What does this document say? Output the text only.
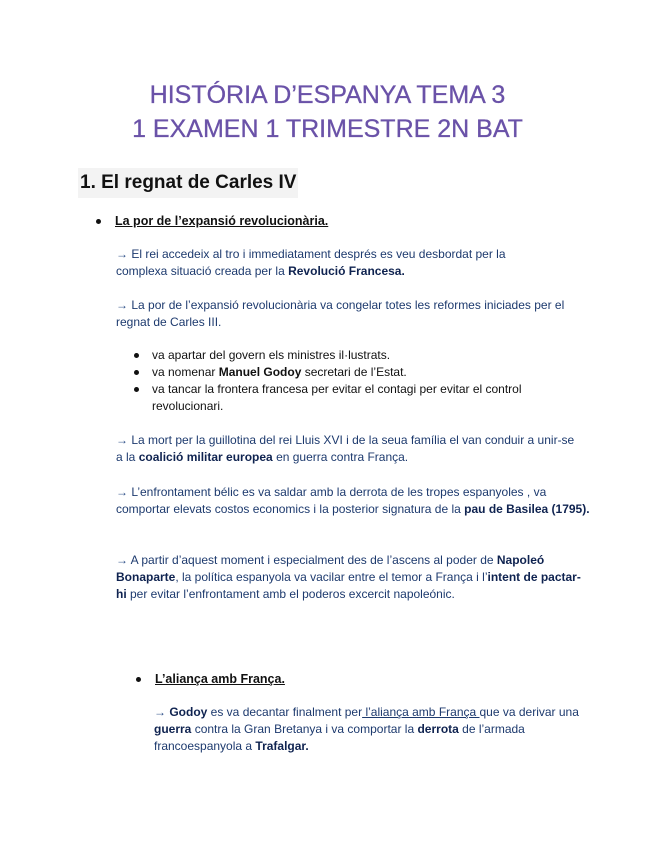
HISTÓRIA D’ESPANYA TEMA 3
1 EXAMEN 1 TRIMESTRE 2N BAT
1. El regnat de Carles IV
La por de l’expansió revolucionària.

→ El rei accedeix al tro i immediatament després es veu desbordat per la complexa situació creada per la Revolució Francesa.

→ La por de l’expansió revolucionària va congelar totes les reformes iniciades per el regnat de Carles III.

va apartar del govern els ministres il·lustrats.
va nomenar Manuel Godoy secretari de l’Estat.
va tancar la frontera francesa per evitar el contagi per evitar el control revolucionari.

→ La mort per la guillotina del rei Lluis XVI i de la seua família el van conduir a unir-se a la coalició militar europea en guerra contra França.

→ L’enfrontament bélic es va saldar amb la derrota de les tropes espanyoles , va comportar elevats costos economics i la posterior signatura de la pau de Basilea (1795).

→ A partir d’aquest moment i especialment des de l’ascens al poder de Napoleó Bonaparte, la política espanyola va vacilar entre el temor a França i l’intent de pactar-hi per evitar l’enfrontament amb el poderos excercit napoleónic.

L’aliança amb França.

→ Godoy es va decantar finalment per l’aliança amb França que va derivar una guerra contra la Gran Bretanya i va comportar la derrota de l’armada francoespanyola a Trafalgar.
